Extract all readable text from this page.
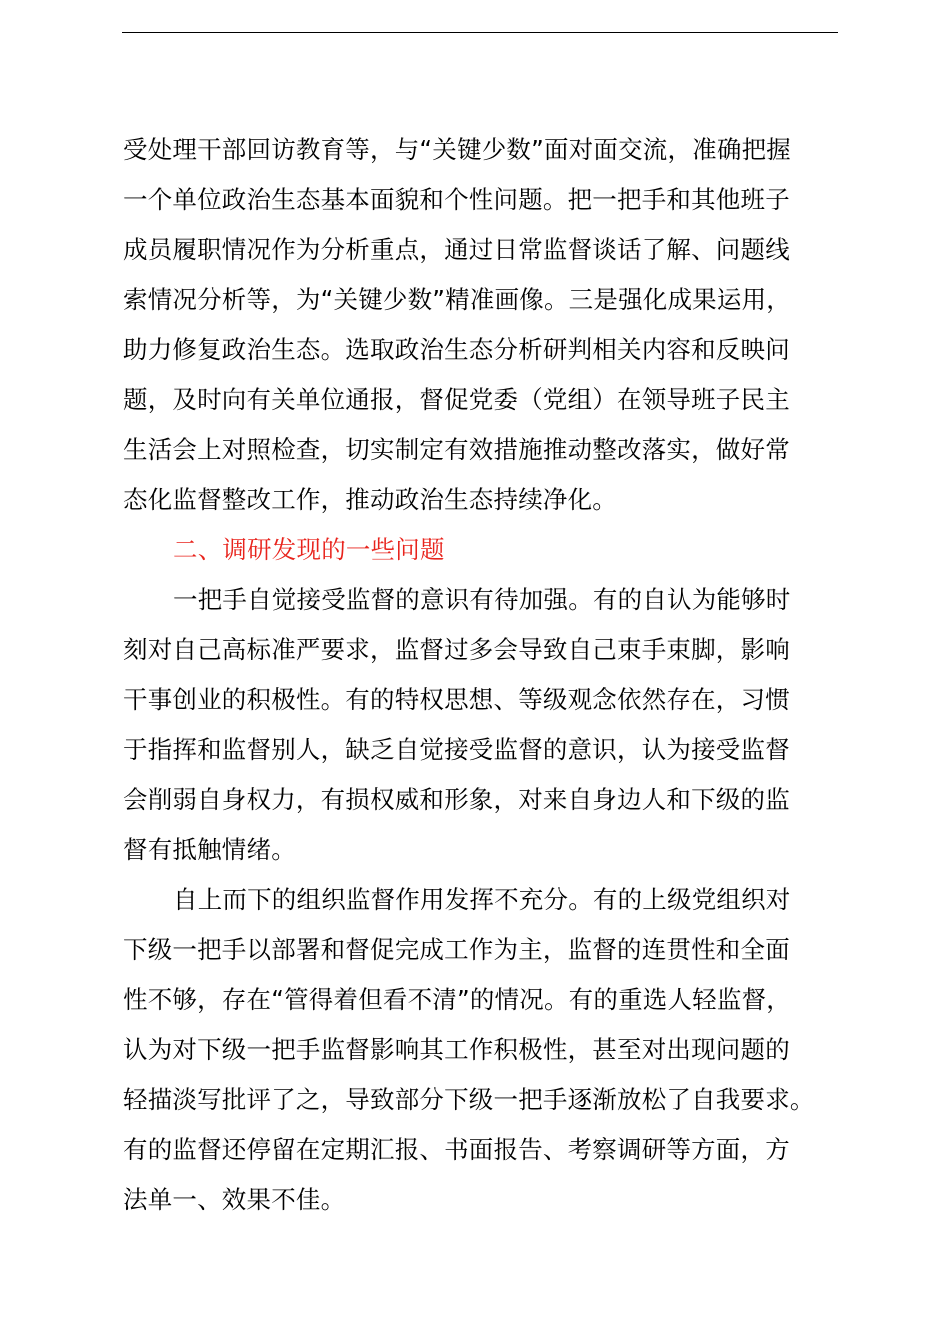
受处理干部回访教育等，与“关键少数”面对面交流，准确把握
一个单位政治生态基本面貌和个性问题。把一把手和其他班子
成员履职情况作为分析重点，通过日常监督谈话了解、问题线
索情况分析等，为“关键少数”精准画像。三是强化成果运用，
助力修复政治生态。选取政治生态分析研判相关内容和反映问
题，及时向有关单位通报，督促党委（党组）在领导班子民主
生活会上对照检查，切实制定有效措施推动整改落实，做好常
态化监督整改工作，推动政治生态持续净化。
二、调研发现的一些问题
一把手自觉接受监督的意识有待加强。有的自认为能够时
刻对自己高标准严要求，监督过多会导致自己束手束脚，影响
干事创业的积极性。有的特权思想、等级观念依然存在，习惯
于指挥和监督别人，缺乏自觉接受监督的意识，认为接受监督
会削弱自身权力，有损权威和形象，对来自身边人和下级的监
督有抵触情绪。
自上而下的组织监督作用发挥不充分。有的上级党组织对
下级一把手以部署和督促完成工作为主，监督的连贯性和全面
性不够，存在“管得着但看不清”的情况。有的重选人轻监督，
认为对下级一把手监督影响其工作积极性，甚至对出现问题的
轻描淡写批评了之，导致部分下级一把手逐渐放松了自我要求。
有的监督还停留在定期汇报、书面报告、考察调研等方面，方
法单一、效果不佳。
